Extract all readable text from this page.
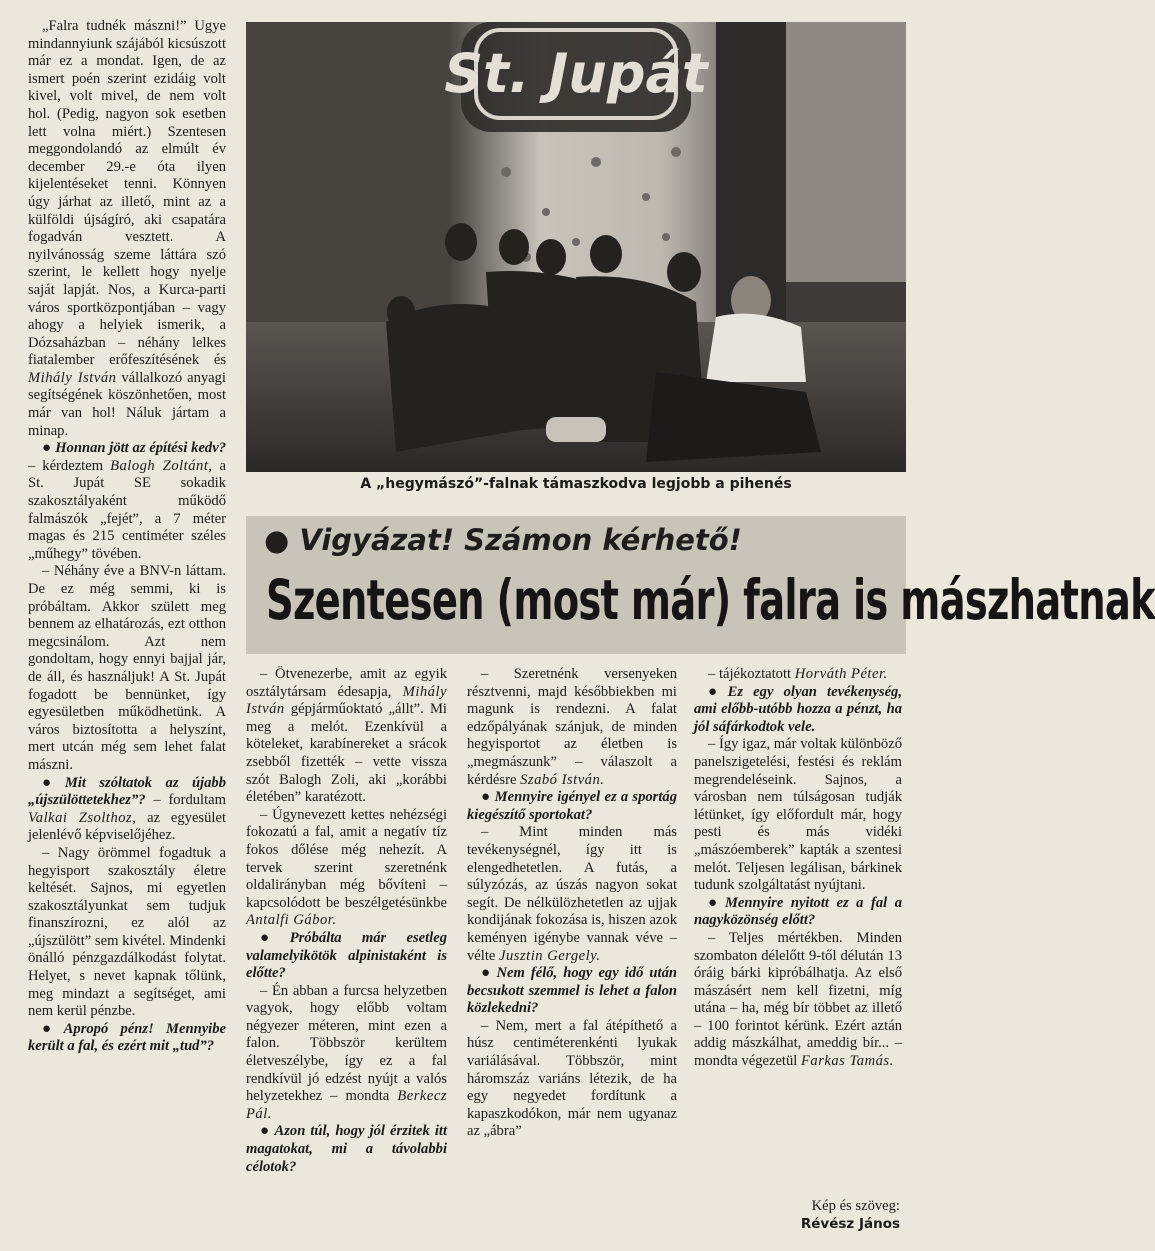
St. Jupát
A „hegymászó”-falnak támaszkodva legjobb a pihenés
● Vigyázat! Számon kérhető!
Szentesen (most már) falra is mászhatnak

„Falra tudnék mászni!” Ugye mindannyiunk szájából kicsúszott már ez a mondat. Igen, de az ismert poén szerint ezidáig volt kivel, volt mivel, de nem volt hol. (Pedig, nagyon sok esetben lett volna miért.) Szentesen meggondolandó az elmúlt év december 29.-e óta ilyen kijelentéseket tenni. Könnyen úgy járhat az illető, mint az a külföldi újságíró, aki csapatára fogadván vesztett. A nyilvánosság szeme láttára szó szerint, le kellett hogy nyelje saját lapját. Nos, a Kurca-parti város sportközpontjában – vagy ahogy a helyiek ismerik, a Dózsaházban – néhány lelkes fiatalember erőfeszítésének és Mihály István vállalkozó anyagi segítségének köszönhetően, most már van hol! Náluk jártam a minap.

● Honnan jött az építési kedv? – kérdeztem Balogh Zoltánt, a St. Jupát SE sokadik szakosztályaként működő falmászók „fejét”, a 7 méter magas és 215 centiméter széles „műhegy” tövében.

– Néhány éve a BNV-n láttam. De ez még semmi, ki is próbáltam. Akkor születt meg bennem az elhatározás, ezt otthon megcsinálom. Azt nem gondoltam, hogy ennyi bajjal jár, de áll, és használjuk! A St. Jupát fogadott be bennünket, így egyesületben működhetünk. A város biztosította a helyszínt, mert utcán még sem lehet falat mászni.

● Mit szóltatok az újabb „újszülöttetekhez”? – fordultam Valkai Zsolthoz, az egyesület jelenlévő képviselőjéhez.

– Nagy örömmel fogadtuk a hegyisport szakosztály életre keltését. Sajnos, mi egyetlen szakosztályunkat sem tudjuk finanszírozni, ez alól az „újszülött” sem kivétel. Mindenki önálló pénzgazdálkodást folytat. Helyet, s nevet kapnak tőlünk, meg mindazt a segítséget, ami nem kerül pénzbe.

● Apropó pénz! Mennyibe került a fal, és ezért mit „tud”?

– Ötvenezerbe, amit az egyik osztálytársam édesapja, Mihály István gépjárműoktató „állt”. Mi meg a melót. Ezenkívül a köteleket, karabínereket a srácok zsebből fizették – vette vissza szót Balogh Zoli, aki „korábbi életében” karatézott.

– Úgynevezett kettes nehézségi fokozatú a fal, amit a negatív tíz fokos dőlése még nehezít. A tervek szerint szeretnénk oldalirányban még bővíteni – kapcsolódott be beszélgetésünkbe Antalfi Gábor.

● Próbálta már esetleg valamelyikötök alpinistaként is előtte?

– Én abban a furcsa helyzetben vagyok, hogy előbb voltam négyezer méteren, mint ezen a falon. Többször kerültem életveszélybe, így ez a fal rendkívül jó edzést nyújt a valós helyzetekhez – mondta Berkecz Pál.

● Azon túl, hogy jól érzitek itt magatokat, mi a távolabbi célotok?

– Szeretnénk versenyeken résztvenni, majd későbbiekben mi magunk is rendezni. A falat edzőpályának szánjuk, de minden hegyisportot az életben is „megmászunk” – válaszolt a kérdésre Szabó István.

● Mennyire igényel ez a sportág kiegészítő sportokat?

– Mint minden más tevékenységnél, így itt is elengedhetetlen. A futás, a súlyzózás, az úszás nagyon sokat segít. De nélkülözhetetlen az ujjak kondijának fokozása is, hiszen azok keményen igénybe vannak véve – vélte Jusztin Gergely.

● Nem félő, hogy egy idő után becsukott szemmel is lehet a falon közlekedni?

– Nem, mert a fal átépíthető a húsz centiméterenkénti lyukak variálásával. Többször, mint háromszáz variáns létezik, de ha egy negyedet fordítunk a kapaszkodókon, már nem ugyanaz az „ábra”

– tájékoztatott Horváth Péter.

● Ez egy olyan tevékenység, ami előbb-utóbb hozza a pénzt, ha jól sáfárkodtok vele.

– Így igaz, már voltak különböző panelszigetelési, festési és reklám megrendeléseink. Sajnos, a városban nem túlságosan tudják létünket, így előfordult már, hogy pesti és más vidéki „mászóemberek” kapták a szentesi melót. Teljesen legálisan, bárkinek tudunk szolgáltatást nyújtani.

● Mennyire nyitott ez a fal a nagyközönség előtt?

– Teljes mértékben. Minden szombaton délelőtt 9-től délután 13 óráig bárki kipróbálhatja. Az első mászásért nem kell fizetni, míg utána – ha, még bír többet az illető – 100 forintot kérünk. Ezért aztán addig mászkálhat, ameddig bír... – mondta végezetül Farkas Tamás.

Kép és szöveg:
Révész János
